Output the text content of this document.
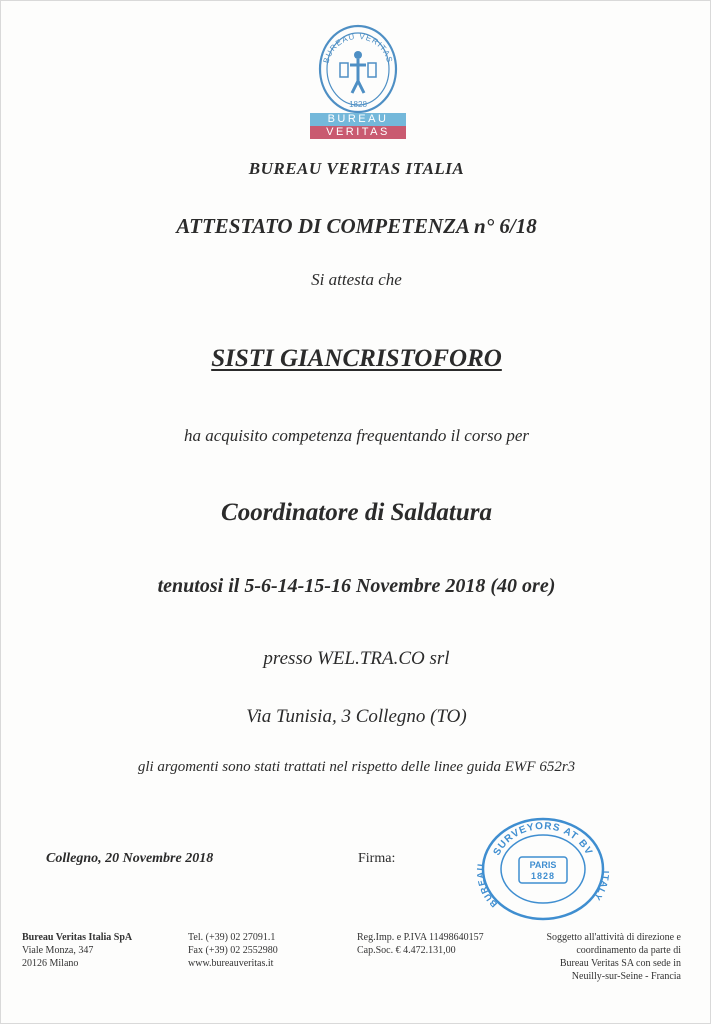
BUREAU VERITAS
1828
BUREAU
VERITAS
BUREAU VERITAS ITALIA
ATTESTATO DI COMPETENZA n° 6/18
Si attesta che
SISTI GIANCRISTOFORO
ha acquisito competenza frequentando il corso per
Coordinatore di Saldatura
tenutosi il 5-6-14-15-16 Novembre 2018 (40 ore)
presso WEL.TRA.CO srl
Via Tunisia, 3 Collegno (TO)
gli argomenti sono stati trattati nel rispetto delle linee guida EWF 652r3
Collegno, 20 Novembre 2018	Firma:	SURVEYORS AT BV
BUREAU
ITALY
PARIS
1828
Bureau Veritas Italia SpA
Viale Monza, 347
20126 Milano
Tel. (+39) 02 27091.1
Fax (+39) 02 2552980
www.bureauveritas.it
Reg.Imp. e P.IVA 11498640157
Cap.Soc. € 4.472.131,00
Soggetto all'attività di direzione e
coordinamento da parte di
Bureau Veritas SA con sede in
Neuilly-sur-Seine - Francia
